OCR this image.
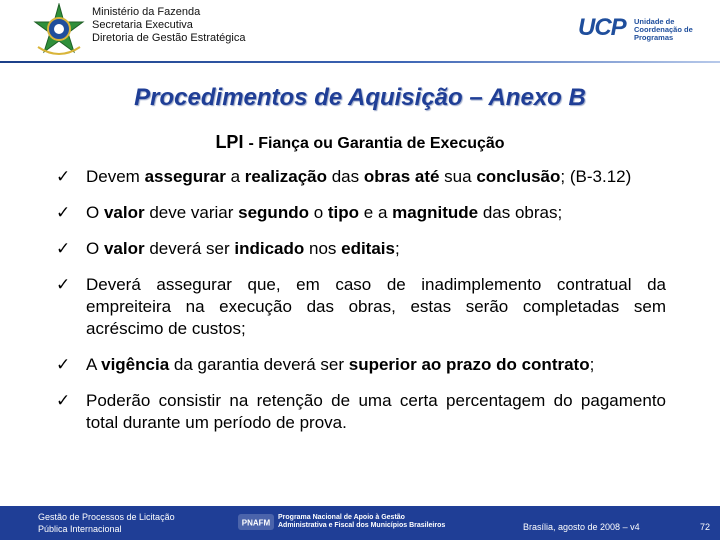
Ministério da Fazenda
Secretaria Executiva
Diretoria de Gestão Estratégica	UCP Unidade de
Coordenação de
Programas
Procedimentos de Aquisição – Anexo B
LPI - Fiança ou Garantia de Execução
✓ Devem assegurar a realização das obras até sua conclusão; (B-3.12)
✓ O valor deve variar segundo o tipo e a magnitude das obras;
✓ O valor deverá ser indicado nos editais;
✓ Deverá assegurar que, em caso de inadimplemento contratual da empreiteira na execução das obras, estas serão completadas sem acréscimo de custos;
✓ A vigência da garantia deverá ser superior ao prazo do contrato;
✓ Poderão consistir na retenção de uma certa percentagem do pagamento total durante um período de prova.
Gestão de Processos de Licitação
Pública Internacional
PNAFM
Programa Nacional de Apoio à Gestão
Administrativa e Fiscal dos Municípios Brasileiros	Brasília, agosto de 2008 – v4	72
